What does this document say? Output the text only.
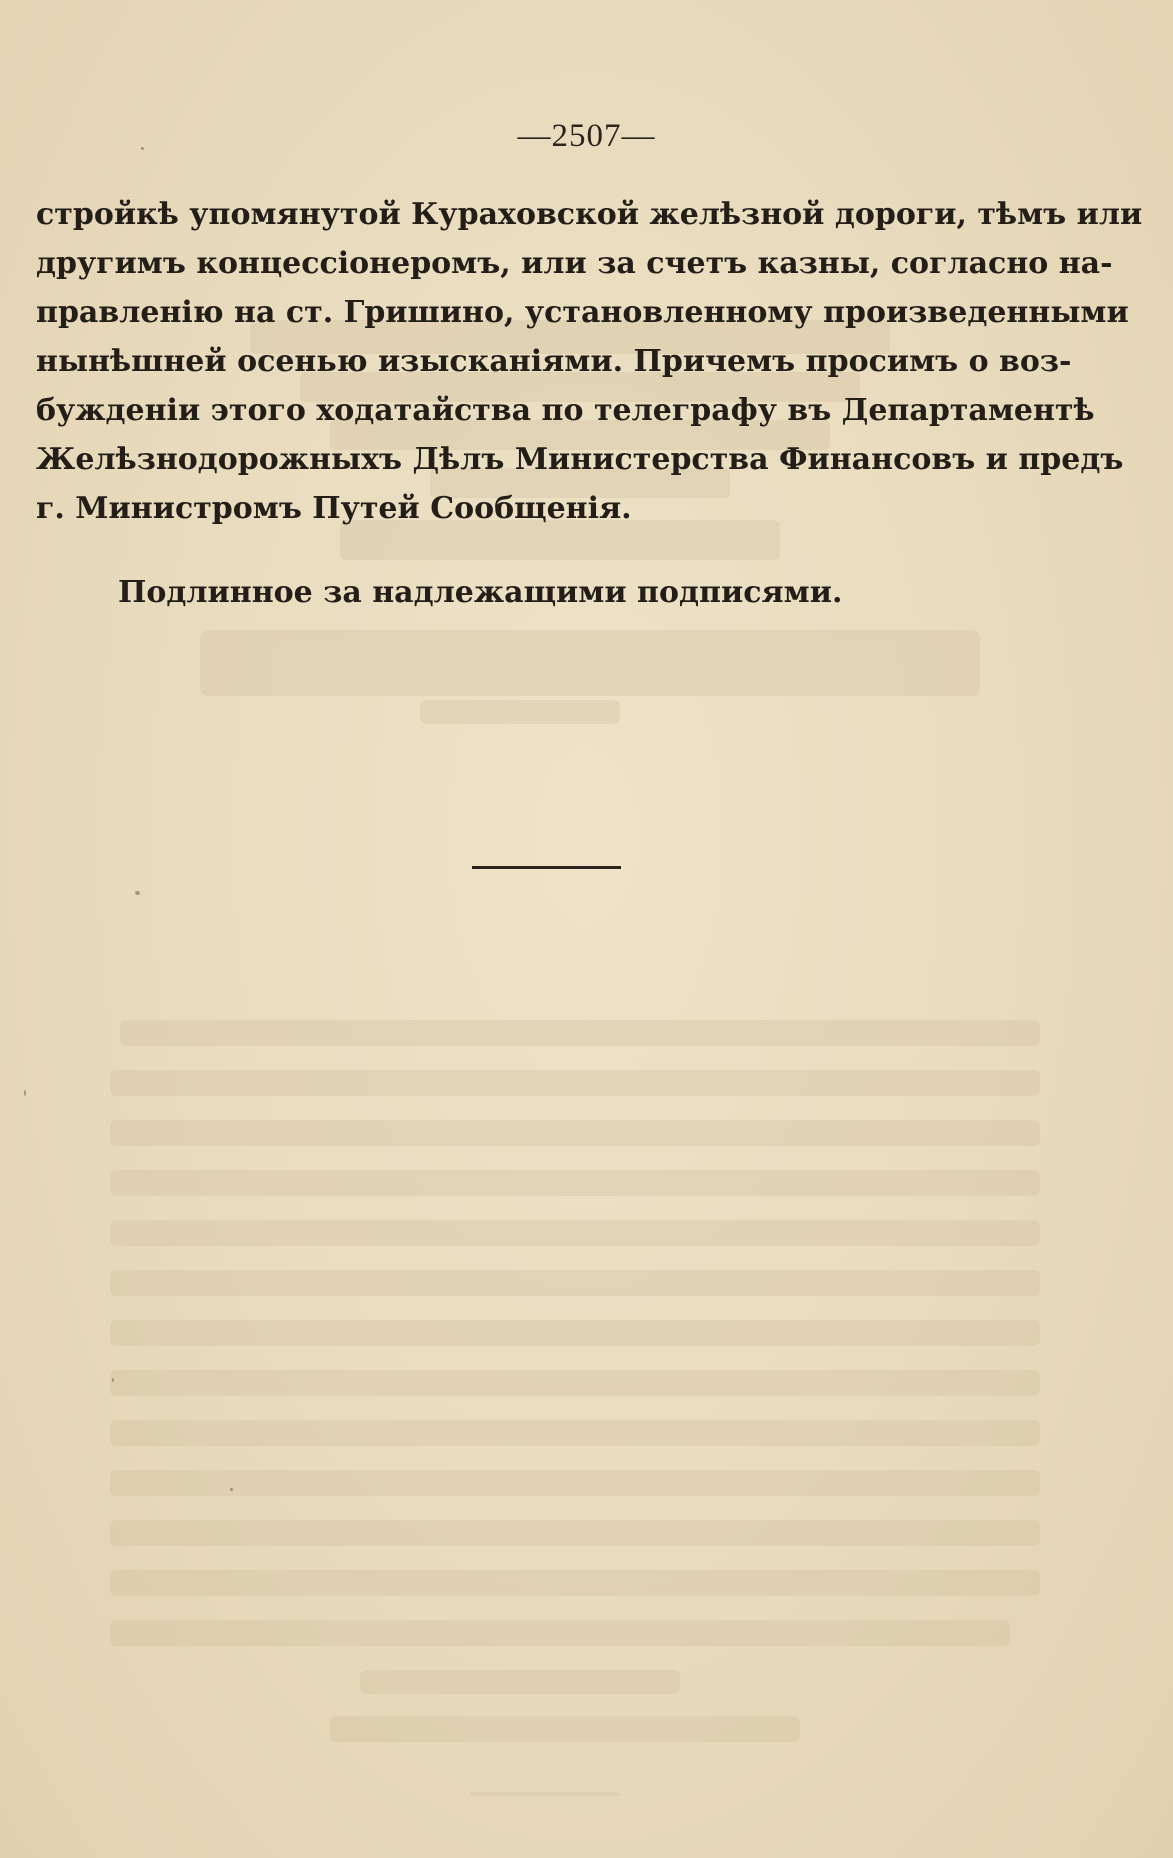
—2507—
стройкѣ упомянутой Кураховской желѣзной дороги, тѣмъ или
другимъ концессіонеромъ, или за счетъ казны, согласно на-
правленію на ст. Гришино, установленному произведенными
нынѣшней осенью изысканіями. Причемъ просимъ о воз-
бужденіи этого ходатайства по телеграфу въ Департаментѣ
Желѣзнодорожныхъ Дѣлъ Министерства Финансовъ и предъ
г. Министромъ Путей Сообщенія.
Подлинное за надлежащими подписями.
